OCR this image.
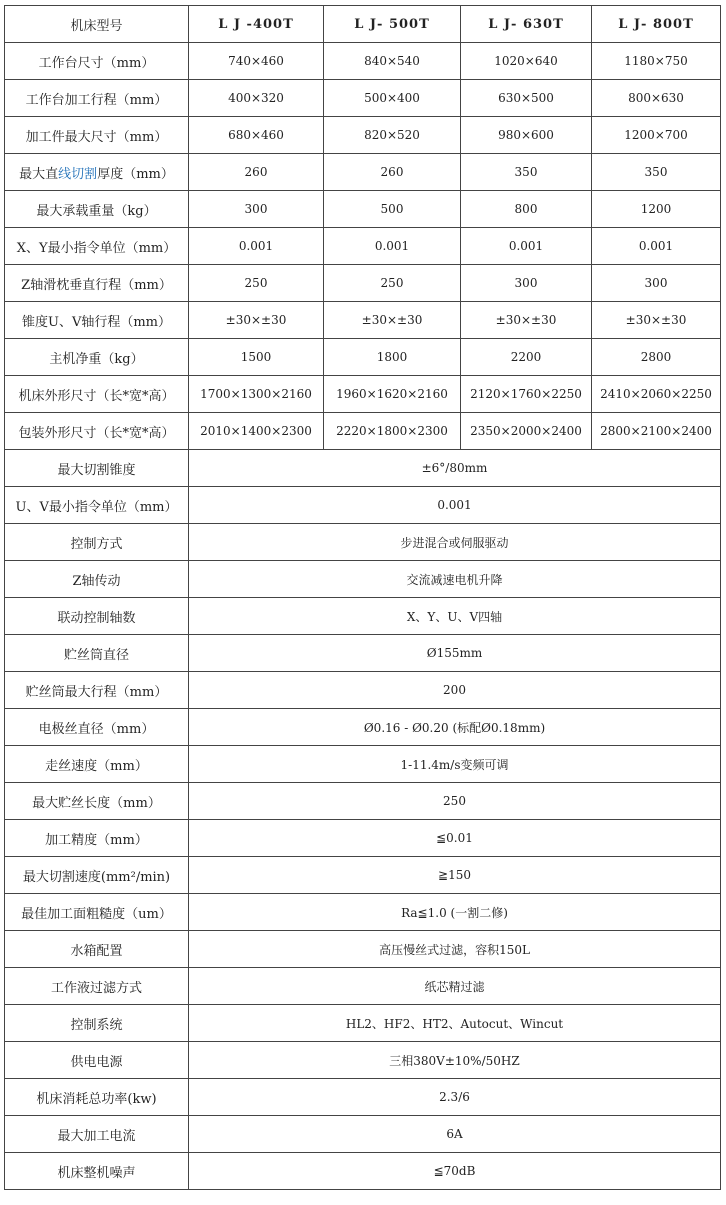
机床型号	L J -400T	L J- 500T	L J- 630T	L J- 800T
工作台尺寸（mm）	740×460	840×540	1020×640	1180×750
工作台加工行程（mm）	400×320	500×400	630×500	800×630
加工件最大尺寸（mm）	680×460	820×520	980×600	1200×700
最大直线切割厚度（mm）	260	260	350	350
最大承载重量（kg）	300	500	800	1200
X、Y最小指令单位（mm）	0.001	0.001	0.001	0.001
Z轴滑枕垂直行程（mm）	250	250	300	300
锥度U、V轴行程（mm）	±30×±30	±30×±30	±30×±30	±30×±30
主机净重（kg）	1500	1800	2200	2800
机床外形尺寸（长*宽*高）	1700×1300×2160	1960×1620×2160	2120×1760×2250	2410×2060×2250
包装外形尺寸（长*宽*高）	2010×1400×2300	2220×1800×2300	2350×2000×2400	2800×2100×2400
最大切割锥度	±6°/80mm			
U、V最小指令单位（mm）	0.001			
控制方式	步进混合或伺服驱动			
Z轴传动	交流减速电机升降			
联动控制轴数	X、Y、U、V四轴			
贮丝筒直径	Ø155mm			
贮丝筒最大行程（mm）	200			
电极丝直径（mm）	Ø0.16 - Ø0.20 (标配Ø0.18mm)			
走丝速度（mm）	1-11.4m/s变频可调			
最大贮丝长度（mm）	250			
加工精度（mm）	≦0.01			
最大切割速度(mm²/min)	≧150			
最佳加工面粗糙度（um）	Ra≦1.0 (一割二修)			
水箱配置	高压慢丝式过滤，容积150L			
工作液过滤方式	纸芯精过滤			
控制系统	HL2、HF2、HT2、Autocut、Wincut			
供电电源	三相380V±10%/50HZ			
机床消耗总功率(kw)	2.3/6			
最大加工电流	6A			
机床整机噪声	≦70dB			
